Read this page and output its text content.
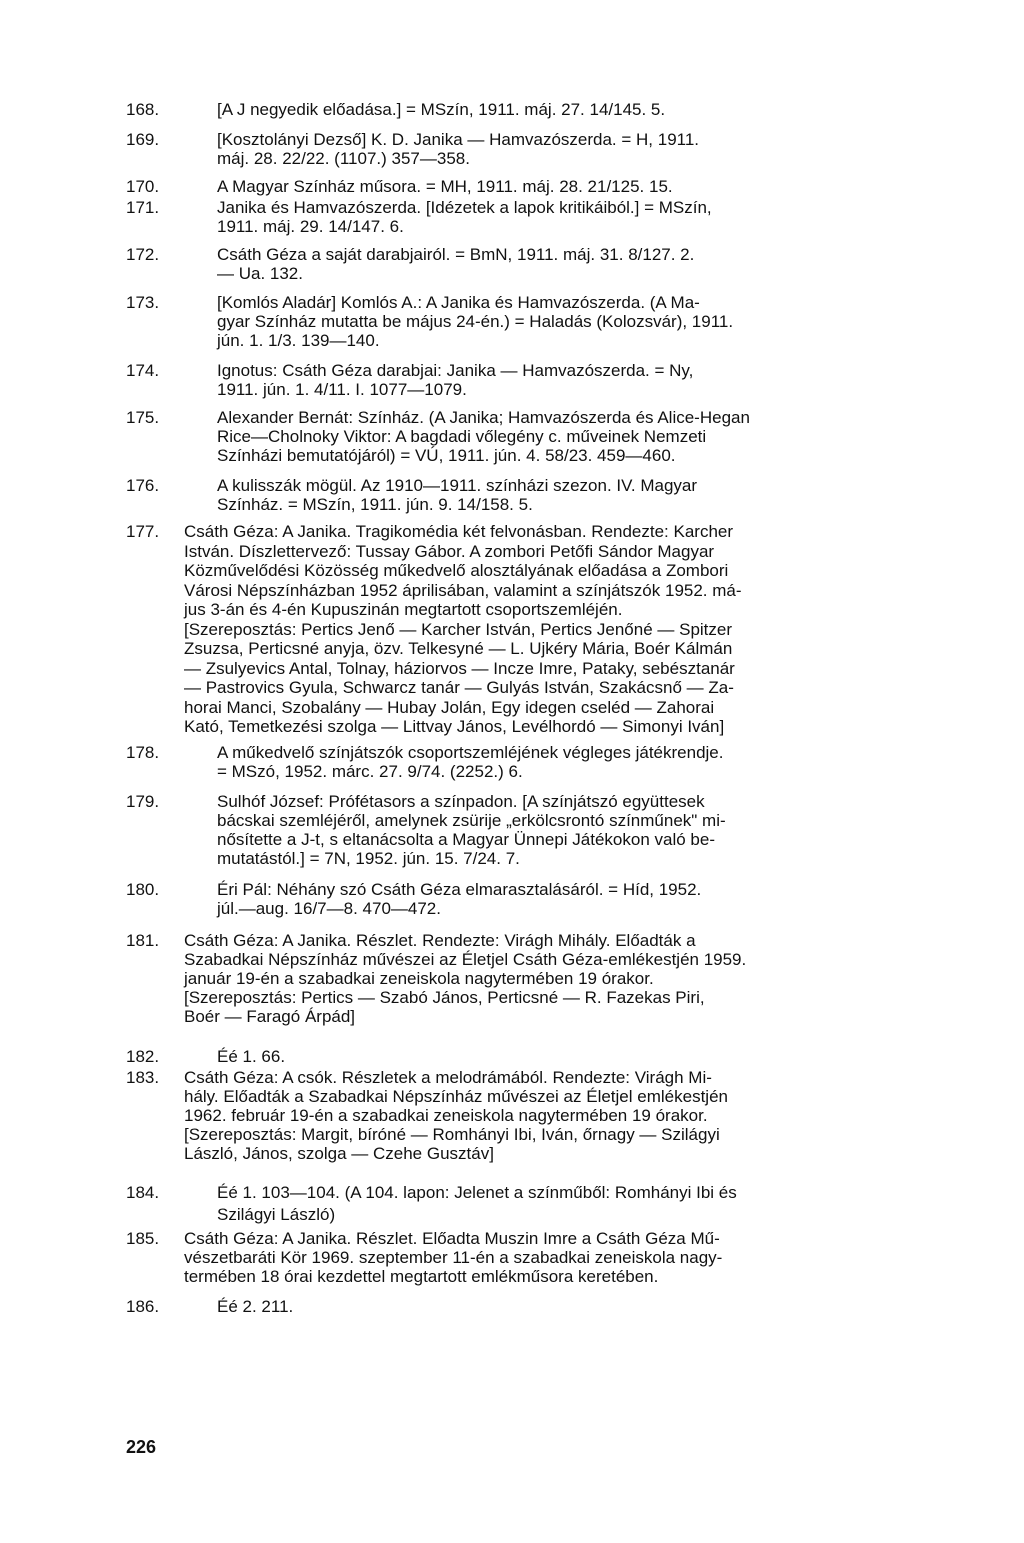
168.	[A J negyedik előadása.] = MSzín, 1911. máj. 27. 14/145. 5.
169.	[Kosztolányi Dezső] K. D. Janika — Hamvazószerda. = H, 1911.
máj. 28. 22/22. (1107.) 357—358.
170.	A Magyar Színház műsora. = MH, 1911. máj. 28. 21/125. 15.
171.	Janika és Hamvazószerda. [Idézetek a lapok kritikáiból.] = MSzín,
1911. máj. 29. 14/147. 6.
172.	Csáth Géza a saját darabjairól. = BmN, 1911. máj. 31. 8/127. 2.
— Ua. 132.
173.	[Komlós Aladár] Komlós A.: A Janika és Hamvazószerda. (A Ma-
gyar Színház mutatta be május 24-én.) = Haladás (Kolozsvár), 1911.
jún. 1. 1/3. 139—140.
174.	Ignotus: Csáth Géza darabjai: Janika — Hamvazószerda. = Ny,
1911. jún. 1. 4/11. I. 1077—1079.
175.	Alexander Bernát: Színház. (A Janika; Hamvazószerda és Alice-Hegan
Rice—Cholnoky Viktor: A bagdadi vőlegény c. műveinek Nemzeti
Színházi bemutatójáról) = VÚ, 1911. jún. 4. 58/23. 459—460.
176.	A kulisszák mögül. Az 1910—1911. színházi szezon. IV. Magyar
Színház. = MSzín, 1911. jún. 9. 14/158. 5.
177.	Csáth Géza: A Janika. Tragikomédia két felvonásban. Rendezte: Karcher
István. Díszlettervező: Tussay Gábor. A zombori Petőfi Sándor Magyar
Közművelődési Közösség műkedvelő alosztályának előadása a Zombori
Városi Népszínházban 1952 áprilisában, valamint a színjátszók 1952. má-
jus 3-án és 4-én Kupuszinán megtartott csoportszemléjén.
[Szereposztás: Pertics Jenő — Karcher István, Pertics Jenőné — Spitzer
Zsuzsa, Perticsné anyja, özv. Telkesyné — L. Ujkéry Mária, Boér Kálmán
— Zsulyevics Antal, Tolnay, háziorvos — Incze Imre, Pataky, sebésztanár
— Pastrovics Gyula, Schwarcz tanár — Gulyás István, Szakácsnő — Za-
horai Manci, Szobalány — Hubay Jolán, Egy idegen cseléd — Zahorai
Kató, Temetkezési szolga — Littvay János, Levélhordó — Simonyi Iván]
178.	A műkedvelő színjátszók csoportszemléjének végleges játékrendje.
= MSzó, 1952. márc. 27. 9/74. (2252.) 6.
179.	Sulhóf József: Prófétasors a színpadon. [A színjátszó együttesek
bácskai szemléjéről, amelynek zsürije „erkölcsrontó színműnek" mi-
nősítette a J-t, s eltanácsolta a Magyar Ünnepi Játékokon való be-
mutatástól.] = 7N, 1952. jún. 15. 7/24. 7.
180.	Éri Pál: Néhány szó Csáth Géza elmarasztalásáról. = Híd, 1952.
júl.—aug. 16/7—8. 470—472.
181.	Csáth Géza: A Janika. Részlet. Rendezte: Virágh Mihály. Előadták a
Szabadkai Népszínház művészei az Életjel Csáth Géza-emlékestjén 1959.
január 19-én a szabadkai zeneiskola nagytermében 19 órakor.
[Szereposztás: Pertics — Szabó János, Perticsné — R. Fazekas Piri,
Boér — Faragó Árpád]
182.	Éé 1. 66.
183.	Csáth Géza: A csók. Részletek a melodrámából. Rendezte: Virágh Mi-
hály. Előadták a Szabadkai Népszínház művészei az Életjel emlékestjén
1962. február 19-én a szabadkai zeneiskola nagytermében 19 órakor.
[Szereposztás: Margit, bíróné — Romhányi Ibi, Iván, őrnagy — Szilágyi
László, János, szolga — Czehe Gusztáv]
184.	Éé 1. 103—104. (A 104. lapon: Jelenet a színműből: Romhányi Ibi és
Szilágyi László)
185.	Csáth Géza: A Janika. Részlet. Előadta Muszin Imre a Csáth Géza Mű-
vészetbaráti Kör 1969. szeptember 11-én a szabadkai zeneiskola nagy-
termében 18 órai kezdettel megtartott emlékműsora keretében.
186.	Éé 2. 211.
226
